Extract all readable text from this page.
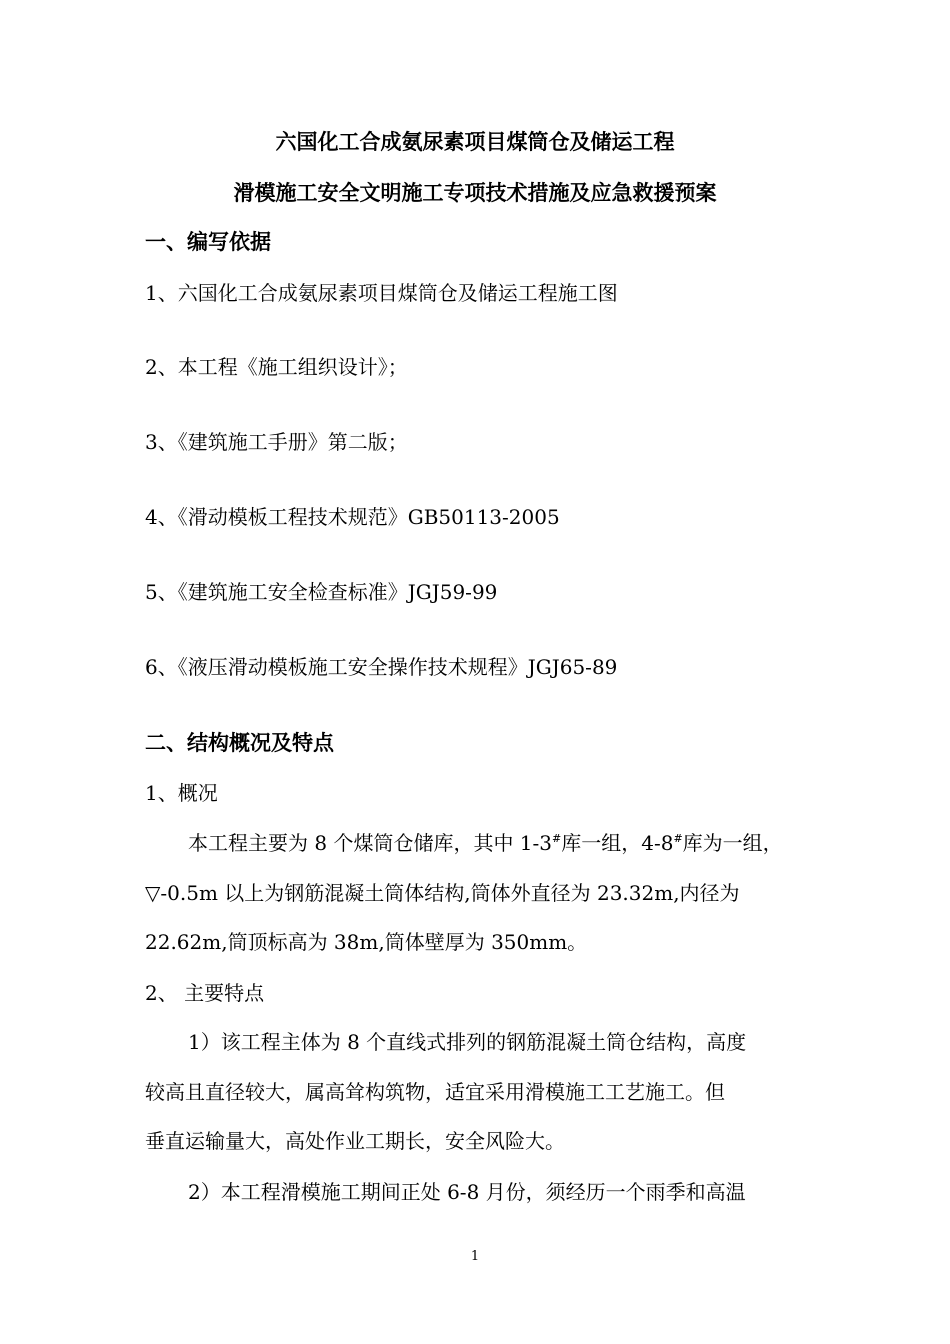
六国化工合成氨尿素项目煤筒仓及储运工程
滑模施工安全文明施工专项技术措施及应急救援预案
一、编写依据
1、六国化工合成氨尿素项目煤筒仓及储运工程施工图
2、本工程《施工组织设计》；
3、《建筑施工手册》第二版；
4、《滑动模板工程技术规范》GB50113-2005
5、《建筑施工安全检查标准》JGJ59-99
6、《液压滑动模板施工安全操作技术规程》JGJ65-89
二、结构概况及特点
1、概况
本工程主要为 8 个煤筒仓储库，其中 1-3#库一组，4-8#库为一组，
▽-0.5m 以上为钢筋混凝土筒体结构,筒体外直径为 23.32m,内径为
22.62m,筒顶标高为 38m,筒体壁厚为 350mm。
2、 主要特点
1）该工程主体为 8 个直线式排列的钢筋混凝土筒仓结构，高度
较高且直径较大，属高耸构筑物，适宜采用滑模施工工艺施工。但
垂直运输量大，高处作业工期长，安全风险大。
2）本工程滑模施工期间正处 6-8 月份，须经历一个雨季和高温
1
